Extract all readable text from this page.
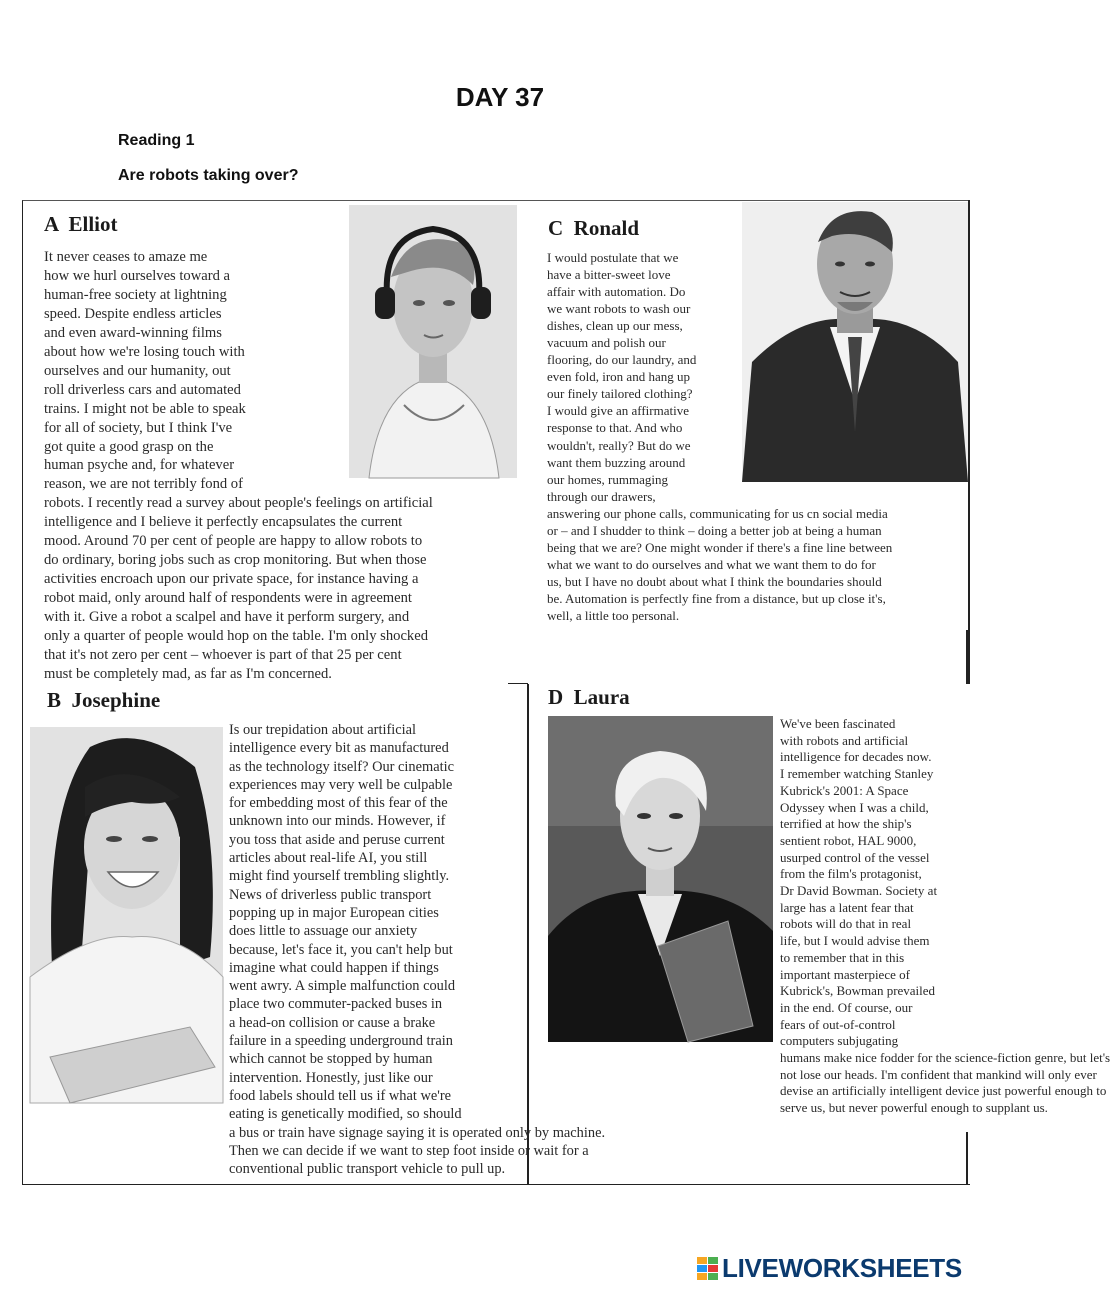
DAY 37
Reading 1
Are robots taking over?
A  Elliot	C  Ronald
B  Josephine	D  Laura
It never ceases to amaze me
how we hurl ourselves toward a
human-free society at lightning
speed. Despite endless articles
and even award-winning films
about how we're losing touch with
ourselves and our humanity, out
roll driverless cars and automated
trains. I might not be able to speak
for all of society, but I think I've
got quite a good grasp on the
human psyche and, for whatever
reason, we are not terribly fond of
robots. I recently read a survey about people's feelings on artificial
intelligence and I believe it perfectly encapsulates the current
mood. Around 70 per cent of people are happy to allow robots to
do ordinary, boring jobs such as crop monitoring. But when those
activities encroach upon our private space, for instance having a
robot maid, only around half of respondents were in agreement
with it. Give a robot a scalpel and have it perform surgery, and
only a quarter of people would hop on the table. I'm only shocked
that it's not zero per cent – whoever is part of that 25 per cent
must be completely mad, as far as I'm concerned.
I would postulate that we
have a bitter-sweet love
affair with automation. Do
we want robots to wash our
dishes, clean up our mess,
vacuum and polish our
flooring, do our laundry, and
even fold, iron and hang up
our finely tailored clothing?
I would give an affirmative
response to that. And who
wouldn't, really? But do we
want them buzzing around
our homes, rummaging
through our drawers,
answering our phone calls, communicating for us cn social media
or – and I shudder to think – doing a better job at being a human
being that we are? One might wonder if there's a fine line between
what we want to do ourselves and what we want them to do for
us, but I have no doubt about what I think the boundaries should
be. Automation is perfectly fine from a distance, but up close it's,
well, a little too personal.
Is our trepidation about artificial
intelligence every bit as manufactured
as the technology itself? Our cinematic
experiences may very well be culpable
for embedding most of this fear of the
unknown into our minds. However, if
you toss that aside and peruse current
articles about real-life AI, you still
might find yourself trembling slightly.
News of driverless public transport
popping up in major European cities
does little to assuage our anxiety
because, let's face it, you can't help but
imagine what could happen if things
went awry. A simple malfunction could
place two commuter-packed buses in
a head-on collision or cause a brake
failure in a speeding underground train
which cannot be stopped by human
intervention. Honestly, just like our
food labels should tell us if what we're
eating is genetically modified, so should
a bus or train have signage saying it is operated only by machine.
Then we can decide if we want to step foot inside or wait for a
conventional public transport vehicle to pull up.
We've been fascinated
with robots and artificial
intelligence for decades now.
I remember watching Stanley
Kubrick's 2001: A Space
Odyssey when I was a child,
terrified at how the ship's
sentient robot, HAL 9000,
usurped control of the vessel
from the film's protagonist,
Dr David Bowman. Society at
large has a latent fear that
robots will do that in real
life, but I would advise them
to remember that in this
important masterpiece of
Kubrick's, Bowman prevailed
in the end. Of course, our
fears of out-of-control
computers subjugating
humans make nice fodder for the science-fiction genre, but let's
not lose our heads. I'm confident that mankind will only ever
devise an artificially intelligent device just powerful enough to
serve us, but never powerful enough to supplant us.
LIVEWORKSHEETS
